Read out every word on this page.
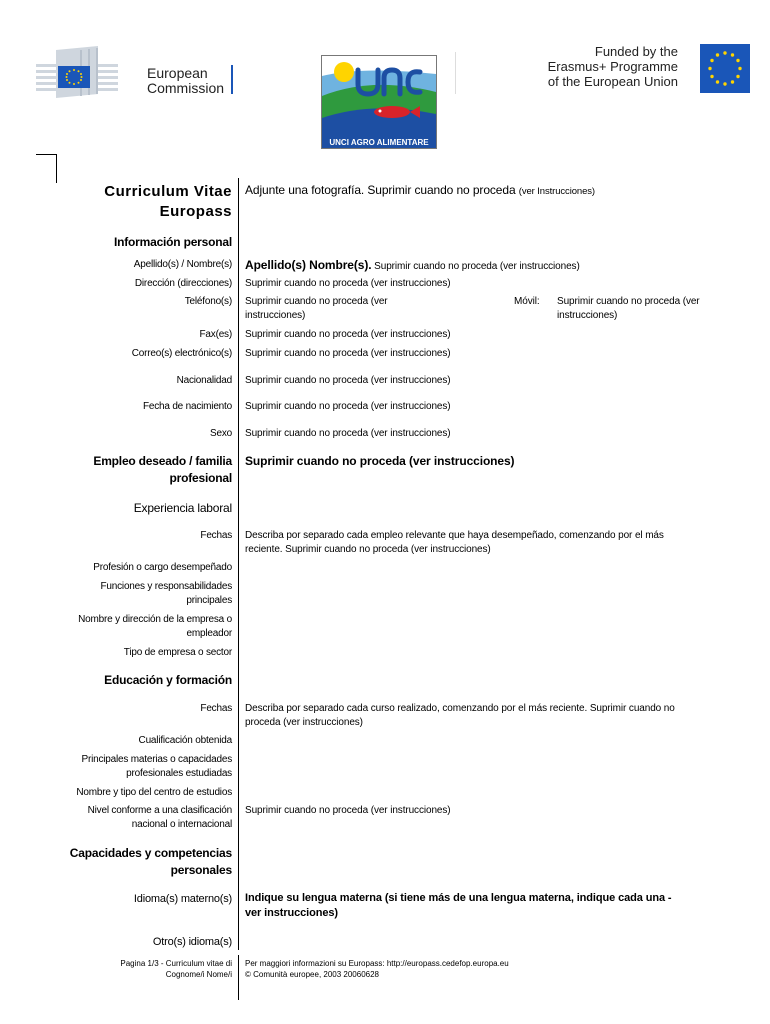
European
Commission
UNCI AGRO ALIMENTARE
Funded by the
Erasmus+ Programme
of the European Union
Curriculum Vitae
Europass
Adjunte una fotografía. Suprimir cuando no proceda (ver Instrucciones)
Información personal
Apellido(s) / Nombre(s) Apellido(s) Nombre(s). Suprimir cuando no proceda (ver instrucciones)
Dirección (direcciones) Suprimir cuando no proceda (ver instrucciones)
Teléfono(s) Suprimir cuando no proceda (ver
instrucciones)
Móvil: Suprimir cuando no proceda (ver
instrucciones)
Fax(es) Suprimir cuando no proceda (ver instrucciones)
Correo(s) electrónico(s) Suprimir cuando no proceda (ver instrucciones)
Nacionalidad Suprimir cuando no proceda (ver instrucciones)
Fecha de nacimiento Suprimir cuando no proceda (ver instrucciones)
Sexo Suprimir cuando no proceda (ver instrucciones)
Empleo deseado / familia
profesional
Suprimir cuando no proceda (ver instrucciones)
Experiencia laboral
Fechas Describa por separado cada empleo relevante que haya desempeñado, comenzando por el más
reciente. Suprimir cuando no proceda (ver instrucciones)
Profesión o cargo desempeñado
Funciones y responsabilidades
principales
Nombre y dirección de la empresa o
empleador
Tipo de empresa o sector
Educación y formación
Fechas Describa por separado cada curso realizado, comenzando por el más reciente. Suprimir cuando no
proceda (ver instrucciones)
Cualificación obtenida
Principales materias o capacidades
profesionales estudiadas
Nombre y tipo del centro de estudios
Nivel conforme a una clasificación
nacional o internacional
Suprimir cuando no proceda (ver instrucciones)
Capacidades y competencias
personales
Idioma(s) materno(s) Indique su lengua materna (si tiene más de una lengua materna, indique cada una -
ver instrucciones)
Otro(s) idioma(s)
Pagina 1/3 - Curriculum vitae di
Cognome/i Nome/i
Per maggiori informazioni su Europass: http://europass.cedefop.europa.eu
© Comunità europee, 2003 20060628
